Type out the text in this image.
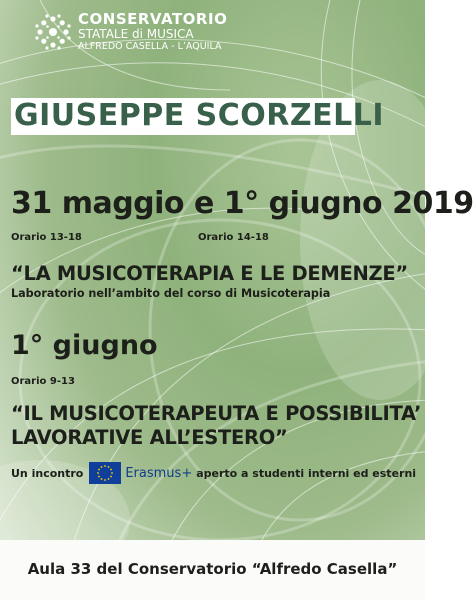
CONSERVATORIO
STATALE di MUSICA
ALFREDO CASELLA - L’AQUILA
GIUSEPPE SCORZELLI
31 maggio e 1° giugno 2019
Orario 13-18	Orario 14-18
“LA MUSICOTERAPIA E LE DEMENZE”
Laboratorio nell’ambito del corso di Musicoterapia
1° giugno
Orario 9-13
“IL MUSICOTERAPEUTA E POSSIBILITA’
LAVORATIVE ALL’ESTERO”
Un incontro	Erasmus+ aperto a studenti interni ed esterni
Aula 33 del Conservatorio “Alfredo Casella”
